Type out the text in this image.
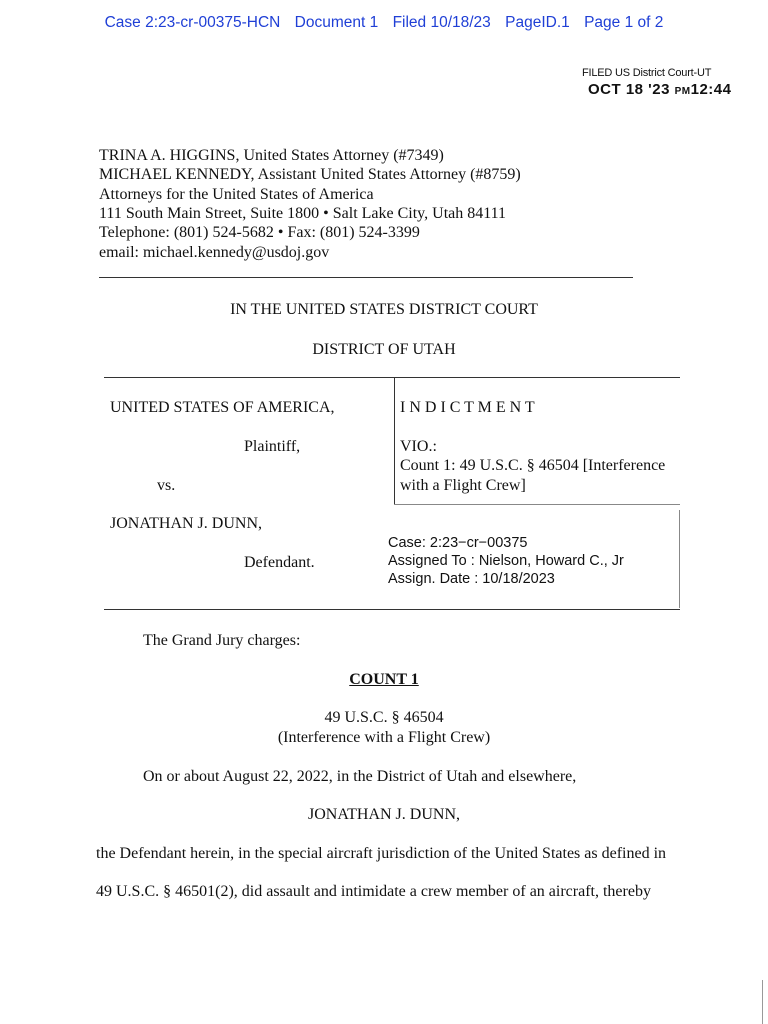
Case 2:23-cr-00375-HCN Document 1 Filed 10/18/23 PageID.1 Page 1 of 2
FILED US District Court-UT
OCT 18 '23 PM12:44
TRINA A. HIGGINS, United States Attorney (#7349)
MICHAEL KENNEDY, Assistant United States Attorney (#8759)
Attorneys for the United States of America
111 South Main Street, Suite 1800 • Salt Lake City, Utah 84111
Telephone: (801) 524-5682 • Fax: (801) 524-3399
email: michael.kennedy@usdoj.gov
IN THE UNITED STATES DISTRICT COURT
DISTRICT OF UTAH
UNITED STATES OF AMERICA,
Plaintiff,
vs.
JONATHAN J. DUNN,
Defendant.
I N D I C T M E N T
VIO.:
Count 1: 49 U.S.C. § 46504 [Interference
with a Flight Crew]
Case: 2:23−cr−00375
Assigned To : Nielson, Howard C., Jr
Assign. Date : 10/18/2023
The Grand Jury charges:
COUNT 1
49 U.S.C. § 46504
(Interference with a Flight Crew)
On or about August 22, 2022, in the District of Utah and elsewhere,
JONATHAN J. DUNN,
the Defendant herein, in the special aircraft jurisdiction of the United States as defined in
49 U.S.C. § 46501(2), did assault and intimidate a crew member of an aircraft, thereby
